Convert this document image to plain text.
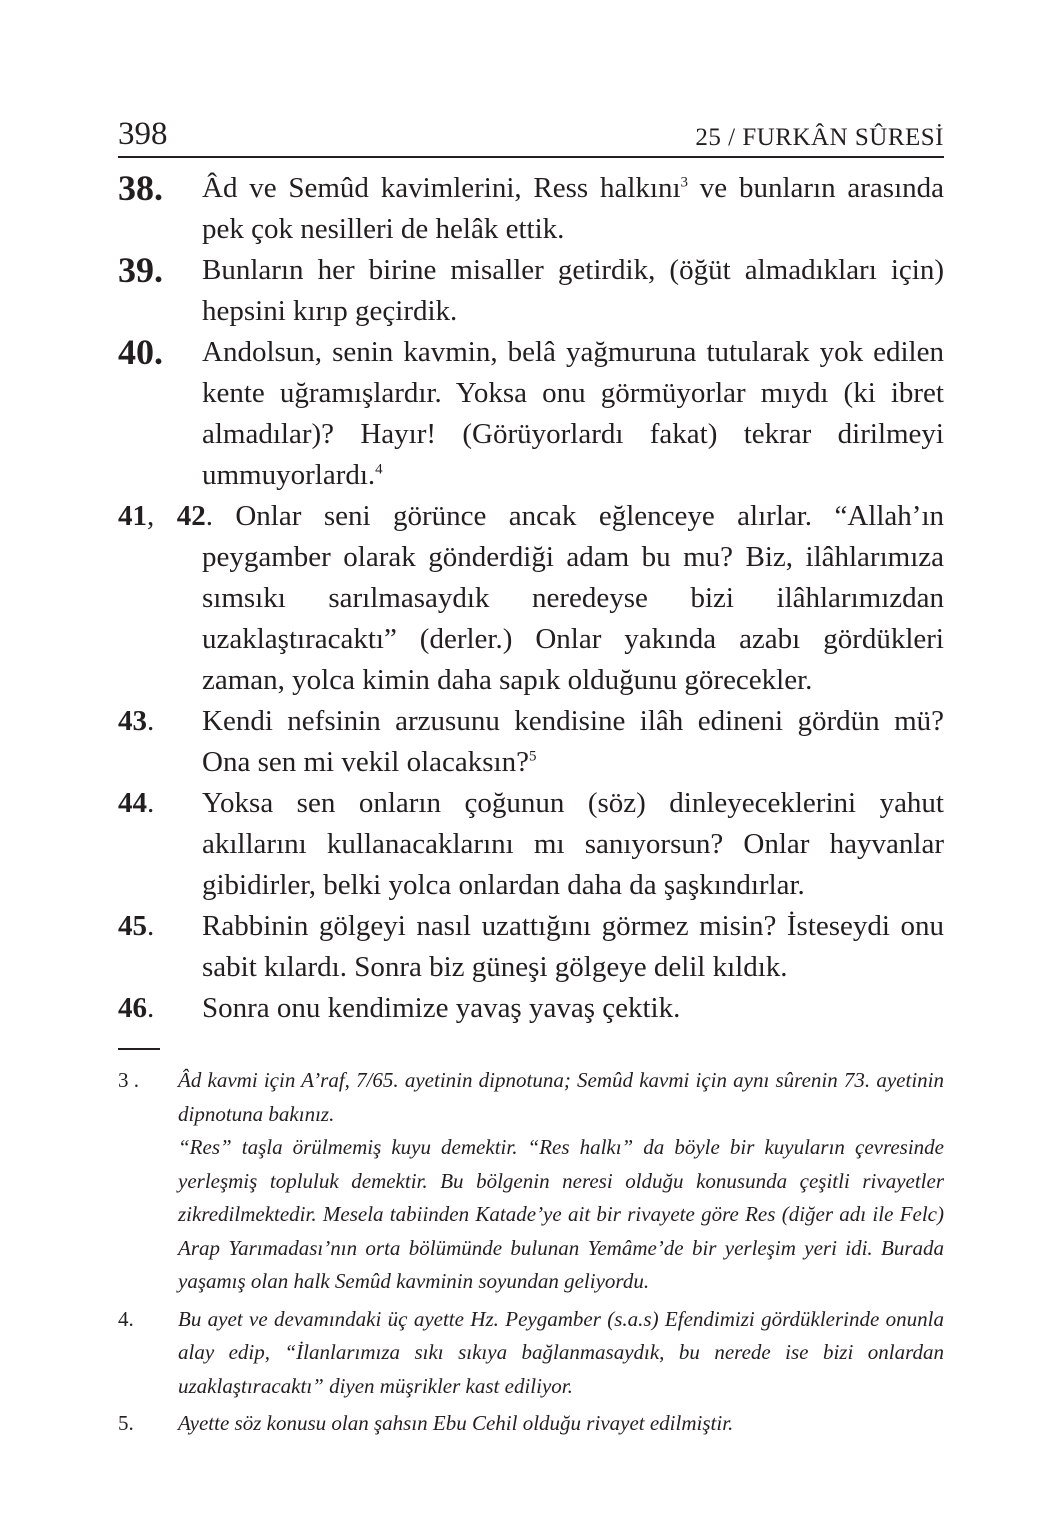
398	25 / FURKÂN SÛRESİ
38.	Âd ve Semûd kavimlerini, Ress halkını$^3$ ve bunların arasında pek çok nesilleri de helâk ettik.
39.	Bunların her birine misaller getirdik, (öğüt almadıkları için) hepsini kırıp geçirdik.
40.	Andolsun, senin kavmin, belâ yağmuruna tutularak yok edilen kente uğramışlardır. Yoksa onu görmüyorlar mıydı (ki ibret almadılar)? Hayır! (Görüyorlardı fakat) tekrar dirilmeyi ummuyorlardı.$^4$
41, 42. Onlar seni görünce ancak eğlenceye alırlar. “Allah’ın peygamber olarak gönderdiği adam bu mu? Biz, ilâhlarımıza sımsıkı sarılmasaydık neredeyse bizi ilâhlarımızdan uzaklaştıracaktı” (derler.) Onlar yakında azabı gördükleri zaman, yolca kimin daha sapık olduğunu görecekler.
43.	Kendi nefsinin arzusunu kendisine ilâh edineni gördün mü? Ona sen mi vekil olacaksın?$^5$
44.	Yoksa sen onların çoğunun (söz) dinleyeceklerini yahut akıllarını kullanacaklarını mı sanıyorsun? Onlar hayvanlar gibidirler, belki yolca onlardan daha da şaşkındırlar.
45.	Rabbinin gölgeyi nasıl uzattığını görmez misin? İsteseydi onu sabit kılardı. Sonra biz güneşi gölgeye delil kıldık.
46.	Sonra onu kendimize yavaş yavaş çektik.
3 .	Âd kavmi için A’raf, 7/65. ayetinin dipnotuna; Semûd kavmi için aynı sûrenin 73. ayetinin dipnotuna bakınız.
“Res” taşla örülmemiş kuyu demektir. “Res halkı” da böyle bir kuyuların çevresinde yerleşmiş topluluk demektir. Bu bölgenin neresi olduğu konusunda çeşitli rivayetler zikredilmektedir. Mesela tabiinden Katade’ye ait bir rivayete göre Res (diğer adı ile Felc) Arap Yarımadası’nın orta bölümünde bulunan Yemâme’de bir yerleşim yeri idi. Burada yaşamış olan halk Semûd kavminin soyundan geliyordu.
4.	Bu ayet ve devamındaki üç ayette Hz. Peygamber (s.a.s) Efendimizi gördüklerinde onunla alay edip, “İlanlarımıza sıkı sıkıya bağlanmasaydık, bu nerede ise bizi onlardan uzaklaştıracaktı” diyen müşrikler kast ediliyor.
5.	Ayette söz konusu olan şahsın Ebu Cehil olduğu rivayet edilmiştir.
